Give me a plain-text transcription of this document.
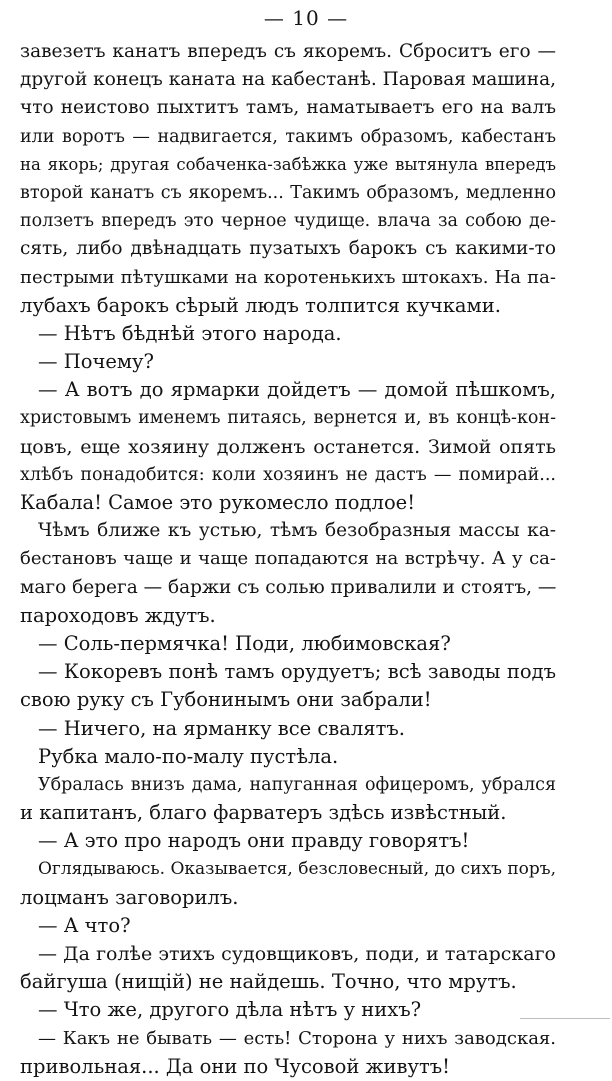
— 10 —
завезетъ канатъ впередъ съ якоремъ. Сброситъ его —
другой конецъ каната на кабестанѣ. Паровая машина,
что неистово пыхтитъ тамъ, наматываетъ его на валъ
или воротъ — надвигается, такимъ образомъ, кабестанъ
на якорь; другая собаченка-забѣжка уже вытянула впередъ
второй канатъ съ якоремъ... Такимъ образомъ, медленно
ползетъ впередъ это черное чудище. влача за собою де-
сять, либо двѣнадцать пузатыхъ барокъ съ какими-то
пестрыми пѣтушками на коротенькихъ штокахъ. На па-
лубахъ барокъ сѣрый людъ толпится кучками.
— Нѣтъ бѣднѣй этого народа.
— Почему?
— А вотъ до ярмарки дойдетъ — домой пѣшкомъ,
христовымъ именемъ питаясь, вернется и, въ концѣ-кон-
цовъ, еще хозяину долженъ останется. Зимой опять
хлѣбъ понадобится: коли хозяинъ не дастъ — помирай...
Кабала! Самое это рукомесло подлое!
Чѣмъ ближе къ устью, тѣмъ безобразныя массы ка-
бестановъ чаще и чаще попадаются на встрѣчу. А у са-
маго берега — баржи съ солью привалили и стоятъ, —
пароходовъ ждутъ.
— Соль-пермячка! Поди, любимовская?
— Кокоревъ понѣ тамъ орудуетъ; всѣ заводы подъ
свою руку съ Губонинымъ они забрали!
— Ничего, на ярманку все свалятъ.
Рубка мало-по-малу пустѣла.
Убралась внизъ дама, напуганная офицеромъ, убрался
и капитанъ, благо фарватеръ здѣсь извѣстный.
— А это про народъ они правду говорятъ!
Оглядываюсь. Оказывается, безсловесный, до сихъ поръ,
лоцманъ заговорилъ.
— А что?
— Да голѣе этихъ судовщиковъ, поди, и татарскаго
байгуша (нищій) не найдешь. Точно, что мрутъ.
— Что же, другого дѣла нѣтъ у нихъ?
— Какъ не бывать — есть! Сторона у нихъ заводская.
привольная... Да они по Чусовой живутъ!
